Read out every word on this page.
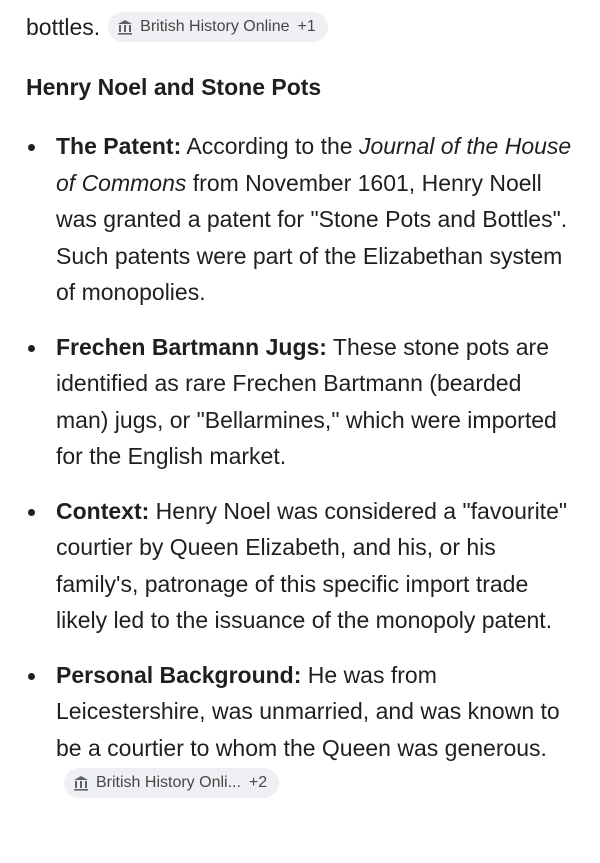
bottles.	British History Online +1
Henry Noel and Stone Pots
The Patent: According to the Journal of the House of Commons from November 1601, Henry Noell was granted a patent for "Stone Pots and Bottles". Such patents were part of the Elizabethan system of monopolies.
Frechen Bartmann Jugs: These stone pots are identified as rare Frechen Bartmann (bearded man) jugs, or "Bellarmines," which were imported for the English market.
Context: Henry Noel was considered a "favourite" courtier by Queen Elizabeth, and his, or his family's, patronage of this specific import trade likely led to the issuance of the monopoly patent.
Personal Background: He was from Leicestershire, was unmarried, and was known to be a courtier to whom the Queen was generous.
British History Onli... +2
